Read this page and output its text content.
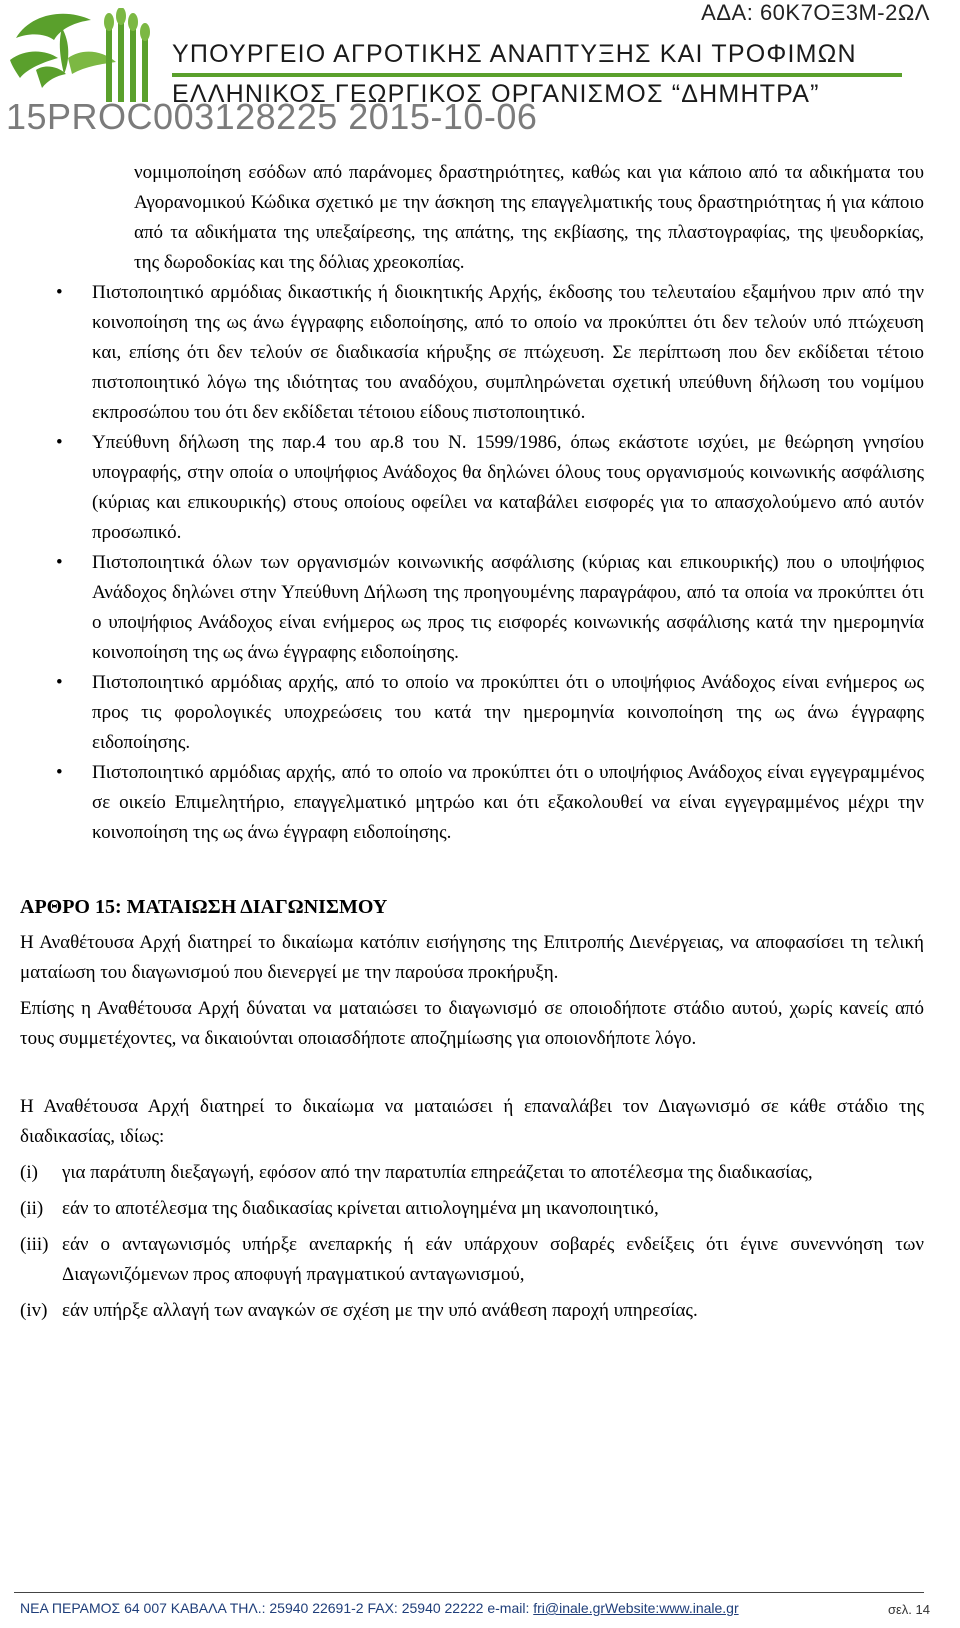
ΑΔΑ: 60Κ7ΟΞ3Μ-2ΩΛ
ΥΠΟΥΡΓΕΙΟ ΑΓΡΟΤΙΚΗΣ ΑΝΑΠΤΥΞΗΣ ΚΑΙ ΤΡΟΦΙΜΩΝ
ΕΛΛΗΝΙΚΟΣ ΓΕΩΡΓΙΚΟΣ ΟΡΓΑΝΙΣΜΟΣ “ΔΗΜΗΤΡΑ”
15PROC003128225 2015-10-06

νομιμοποίηση εσόδων από παράνομες δραστηριότητες, καθώς και για κάποιο από τα αδικήματα του Αγορανομικού Κώδικα σχετικό με την άσκηση της επαγγελματικής τους δραστηριότητας ή για κάποιο από τα αδικήματα της υπεξαίρεσης, της απάτης, της εκβίασης, της πλαστογραφίας, της ψευδορκίας, της δωροδοκίας και της δόλιας χρεοκοπίας.

• Πιστοποιητικό αρμόδιας δικαστικής ή διοικητικής Αρχής, έκδοσης του τελευταίου εξαμήνου πριν από την κοινοποίηση της ως άνω έγγραφης ειδοποίησης, από το οποίο να προκύπτει ότι δεν τελούν υπό πτώχευση και, επίσης ότι δεν τελούν σε διαδικασία κήρυξης σε πτώχευση. Σε περίπτωση που δεν εκδίδεται τέτοιο πιστοποιητικό λόγω της ιδιότητας του αναδόχου, συμπληρώνεται σχετική υπεύθυνη δήλωση του νομίμου εκπροσώπου του ότι δεν εκδίδεται τέτοιου είδους πιστοποιητικό.

• Υπεύθυνη δήλωση της παρ.4 του αρ.8 του Ν. 1599/1986, όπως εκάστοτε ισχύει, με θεώρηση γνησίου υπογραφής, στην οποία ο υποψήφιος Ανάδοχος θα δηλώνει όλους τους οργανισμούς κοινωνικής ασφάλισης (κύριας και επικουρικής) στους οποίους οφείλει να καταβάλει εισφορές για το απασχολούμενο από αυτόν προσωπικό.

• Πιστοποιητικά όλων των οργανισμών κοινωνικής ασφάλισης (κύριας και επικουρικής) που ο υποψήφιος Ανάδοχος δηλώνει στην Υπεύθυνη Δήλωση της προηγουμένης παραγράφου, από τα οποία να προκύπτει ότι ο υποψήφιος Ανάδοχος είναι ενήμερος ως προς τις εισφορές κοινωνικής ασφάλισης κατά την ημερομηνία κοινοποίηση της ως άνω έγγραφης ειδοποίησης.

• Πιστοποιητικό αρμόδιας αρχής, από το οποίο να προκύπτει ότι ο υποψήφιος Ανάδοχος είναι ενήμερος ως προς τις φορολογικές υποχρεώσεις του κατά την ημερομηνία κοινοποίηση της ως άνω έγγραφης ειδοποίησης.

• Πιστοποιητικό αρμόδιας αρχής, από το οποίο να προκύπτει ότι ο υποψήφιος Ανάδοχος είναι εγγεγραμμένος σε οικείο Επιμελητήριο, επαγγελματικό μητρώο και ότι εξακολουθεί να είναι εγγεγραμμένος μέχρι την κοινοποίηση της ως άνω έγγραφη ειδοποίησης.

ΑΡΘΡΟ 15: ΜΑΤΑΙΩΣΗ ΔΙΑΓΩΝΙΣΜΟΥ

Η Αναθέτουσα Αρχή διατηρεί το δικαίωμα κατόπιν εισήγησης της Επιτροπής Διενέργειας, να αποφασίσει τη τελική ματαίωση του διαγωνισμού που διενεργεί με την παρούσα προκήρυξη.

Επίσης η Αναθέτουσα Αρχή δύναται να ματαιώσει το διαγωνισμό σε οποιοδήποτε στάδιο αυτού, χωρίς κανείς από τους συμμετέχοντες, να δικαιούνται οποιασδήποτε αποζημίωσης για οποιονδήποτε λόγο.

Η Αναθέτουσα Αρχή διατηρεί το δικαίωμα να ματαιώσει ή επαναλάβει τον Διαγωνισμό σε κάθε στάδιο της διαδικασίας, ιδίως:

(i) για παράτυπη διεξαγωγή, εφόσον από την παρατυπία επηρεάζεται το αποτέλεσμα της διαδικασίας,

(ii) εάν το αποτέλεσμα της διαδικασίας κρίνεται αιτιολογημένα μη ικανοποιητικό,

(iii) εάν ο ανταγωνισμός υπήρξε ανεπαρκής ή εάν υπάρχουν σοβαρές ενδείξεις ότι έγινε συνεννόηση των Διαγωνιζόμενων προς αποφυγή πραγματικού ανταγωνισμού,

(iv) εάν υπήρξε αλλαγή των αναγκών σε σχέση με την υπό ανάθεση παροχή υπηρεσίας.

ΝΕΑ ΠΕΡΑΜΟΣ 64 007 ΚΑΒΑΛΑ ΤΗΛ.: 25940 22691-2 FAX: 25940 22222 e-mail: fri@inale.grWebsite:www.inale.gr	σελ. 14
